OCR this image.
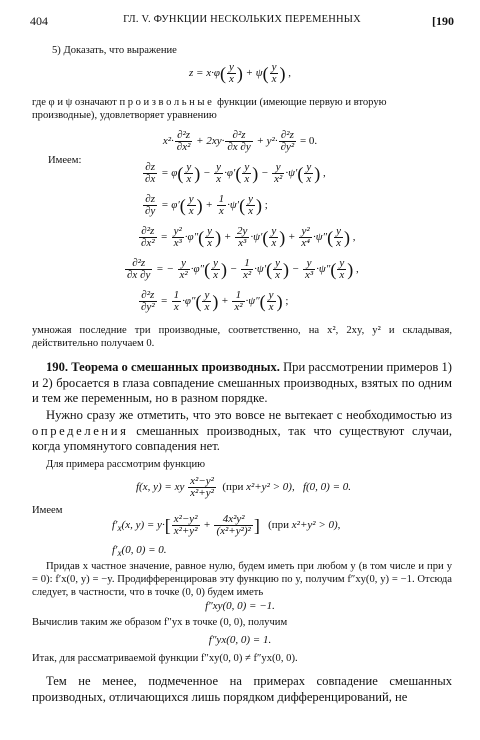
404	ГЛ. V. ФУНКЦИИ НЕСКОЛЬКИХ ПЕРЕМЕННЫХ	[190
5) Доказать, что выражение
$z = x\cdot\varphi( \frac{y}{x}$ ) + $\psi( \frac{y}{x}$ ) ,
где φ и ψ означают произвольные функции (имеющие первую и вторую производные), удовлетворяет уравнению
$x^2\cdot \frac{\text{∂²z}}{\text{∂x²}} + 2xy\cdot \frac{\text{∂²z}}{\partial x \partial y} + y^2\cdot \frac{\text{∂²z}}{\text{∂y²}} = 0$.
Имеем:
$\frac{\partial z}{\partial x} = \varphi( \frac{y}{x}$ ) − $\frac{y}{x} \cdot\varphi'( \frac{y}{x}$ ) − $\frac{y}{\text{x²}} \cdot\psi'( \frac{y}{x}$ ) ,
$\frac{\partial z}{\partial y} = \varphi'( \frac{y}{x}$ ) + $\frac{1}{x} \cdot\psi'( \frac{y}{x}$ ) ;
$\frac{\text{∂²z}}{\text{∂x²}} = \frac{\text{y²}}{\text{x³}} \cdot\varphi''( \frac{y}{x}$ ) + $\frac{2y}{\text{x³}} \cdot\psi'( \frac{y}{x}$ ) + $\frac{\text{y²}}{\text{x⁴}} \cdot\psi''( \frac{y}{x}$ ) ,
$\frac{\text{∂²z}}{\partial x \partial y}$ = − $\frac{y}{\text{x²}} \cdot\varphi''( \frac{y}{x}$ ) − $\frac{1}{\text{x²}} \cdot\psi'( \frac{y}{x}$ ) − $\frac{y}{\text{x³}} \cdot\psi''( \frac{y}{x}$ ) ,
$\frac{\text{∂²z}}{\text{∂y²}} = \frac{1}{x} \cdot\varphi''( \frac{y}{x}$ ) + $\frac{1}{\text{x²}} \cdot\psi''( \frac{y}{x}$ ) ;
умножая последние три производные, соответственно, на x², 2xy, y² и складывая, действительно получаем 0.
190. Теорема о смешанных производных. При рассмотрении примеров 1) и 2) бросается в глаза совпадение смешанных производных, взятых по одним и тем же переменным, но в разном порядке.
Нужно сразу же отметить, что это вовсе не вытекает с необходимостью из определения смешанных производных, так что существуют случаи, когда упомянутого совпадения нет.
Для примера рассмотрим функцию
f(x, y) = xy $\frac{\text{x²−y²}}{\text{x²+y²}} (при$ x²+y² > 0),   f(0, 0) = 0.
Имеем
$f'_x(x$, $y) = y\cdot[ \frac{\text{x²−y²}}{\text{x²+y²}} + \frac{\text{4x²y²}}{\text{(x²+y²)²}}$ ] (при x²+y² > 0),
$f'_x(0$, 0) = 0.
Придав x частное значение, равное нулю, будем иметь при любом y (в том числе и при y = 0): f′x(0, y) = −y. Продифференцировав эту функцию по y, получим f″xy(0, y) = −1. Отсюда следует, в частности, что в точке (0, 0) будем иметь
f″xy(0, 0) = −1.
Вычислив таким же образом f″yx в точке (0, 0), получим
f″yx(0, 0) = 1.
Итак, для рассматриваемой функции f″xy(0, 0) ≠ f″yx(0, 0).
Тем не менее, подмеченное на примерах совпадение смешанных производных, отличающихся лишь порядком дифференцирований, не
